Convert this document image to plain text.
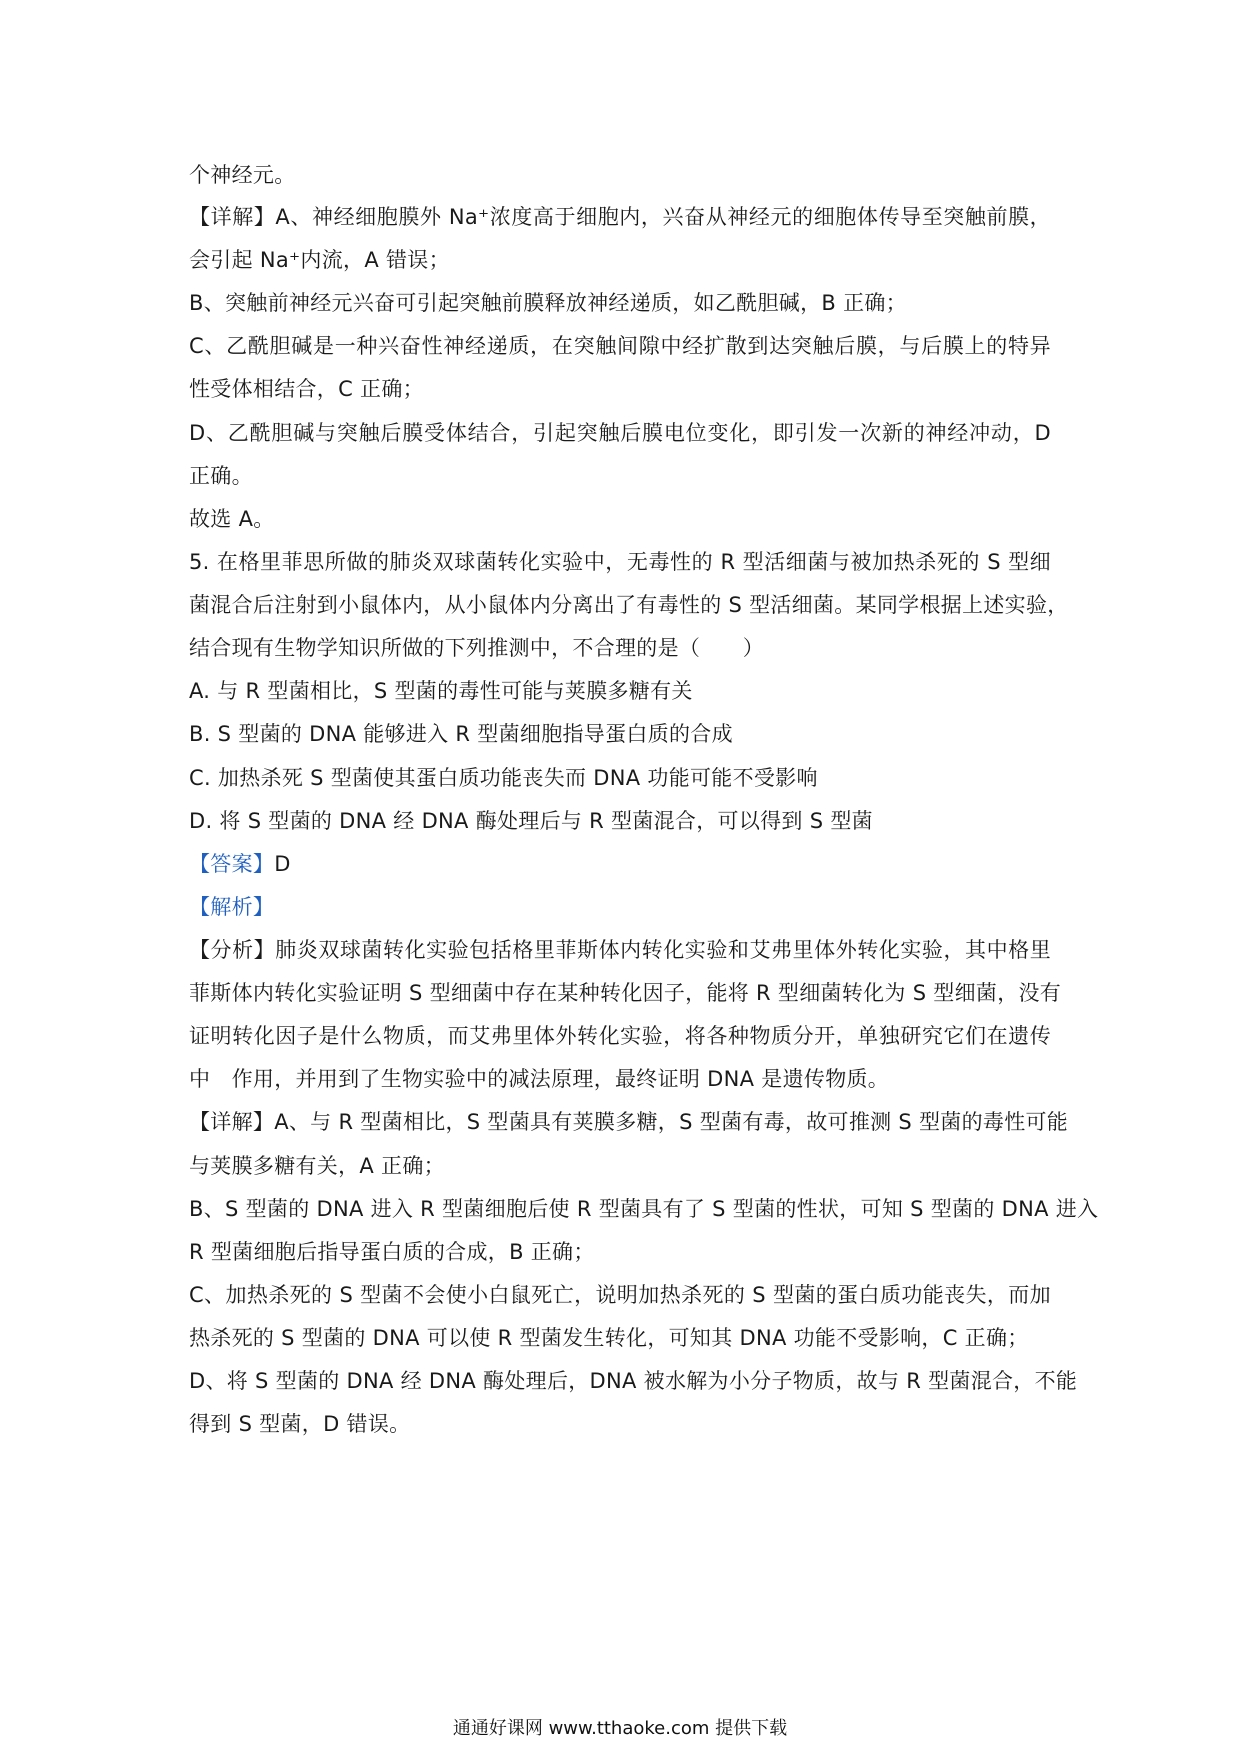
个神经元。
【详解】A、神经细胞膜外 Na⁺浓度高于细胞内，兴奋从神经元的细胞体传导至突触前膜，
会引起 Na⁺内流，A 错误；
B、突触前神经元兴奋可引起突触前膜释放神经递质，如乙酰胆碱，B 正确；
C、乙酰胆碱是一种兴奋性神经递质，在突触间隙中经扩散到达突触后膜，与后膜上的特异
性受体相结合，C 正确；
D、乙酰胆碱与突触后膜受体结合，引起突触后膜电位变化，即引发一次新的神经冲动，D
正确。
故选 A。
5. 在格里菲思所做的肺炎双球菌转化实验中，无毒性的 R 型活细菌与被加热杀死的 S 型细
菌混合后注射到小鼠体内，从小鼠体内分离出了有毒性的 S 型活细菌。某同学根据上述实验，
结合现有生物学知识所做的下列推测中，不合理的是（　　）
A. 与 R 型菌相比，S 型菌的毒性可能与荚膜多糖有关
B. S 型菌的 DNA 能够进入 R 型菌细胞指导蛋白质的合成
C. 加热杀死 S 型菌使其蛋白质功能丧失而 DNA 功能可能不受影响
D. 将 S 型菌的 DNA 经 DNA 酶处理后与 R 型菌混合，可以得到 S 型菌
【答案】D
【解析】
【分析】肺炎双球菌转化实验包括格里菲斯体内转化实验和艾弗里体外转化实验，其中格里
菲斯体内转化实验证明 S 型细菌中存在某种转化因子，能将 R 型细菌转化为 S 型细菌，没有
证明转化因子是什么物质，而艾弗里体外转化实验，将各种物质分开，单独研究它们在遗传
中　作用，并用到了生物实验中的减法原理，最终证明 DNA 是遗传物质。
【详解】A、与 R 型菌相比，S 型菌具有荚膜多糖，S 型菌有毒，故可推测 S 型菌的毒性可能
与荚膜多糖有关，A 正确；
B、S 型菌的 DNA 进入 R 型菌细胞后使 R 型菌具有了 S 型菌的性状，可知 S 型菌的 DNA 进入
R 型菌细胞后指导蛋白质的合成，B 正确；
C、加热杀死的 S 型菌不会使小白鼠死亡，说明加热杀死的 S 型菌的蛋白质功能丧失，而加
热杀死的 S 型菌的 DNA 可以使 R 型菌发生转化，可知其 DNA 功能不受影响，C 正确；
D、将 S 型菌的 DNA 经 DNA 酶处理后，DNA 被水解为小分子物质，故与 R 型菌混合，不能
得到 S 型菌，D 错误。
通通好课网 www.tthaoke.com 提供下载
